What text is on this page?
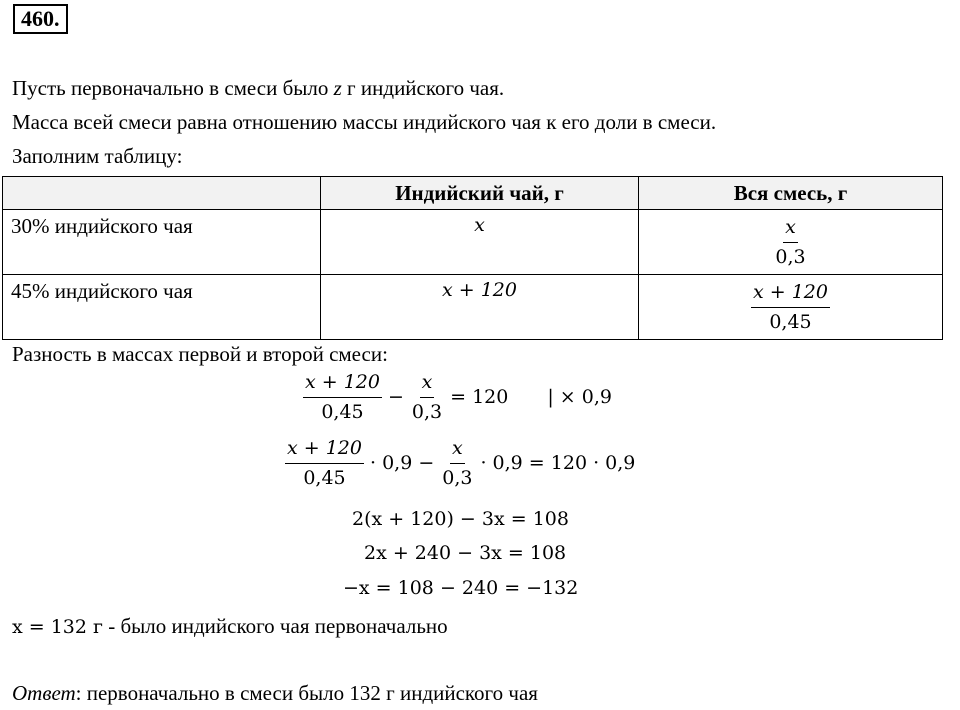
460.
Пусть первоначально в смеси было z г индийского чая.
Масса всей смеси равна отношению массы индийского чая к его доли в смеси.
Заполним таблицу:
	Индийский чай, г	Вся смесь, г
30% индийского чая	x	$\frac{x}{0,3}$

45% индийского чая	x + 120	$\frac{x + 120}{0,45}$
Разность в массах первой и второй смеси:
$\frac{x + 120}{0,45} - \frac{x}{0,3} = 120$	| × 0,9
$\frac{x + 120}{0,45} \cdot 0,9 - \frac{x}{0,3} \cdot 0,9 = 120 \cdot 0,9$
2(x + 120) − 3x = 108
2x + 240 − 3x = 108
−x = 108 − 240 = −132
x = 132 г - было индийского чая первоначально
Ответ: первоначально в смеси было 132 г индийского чая
